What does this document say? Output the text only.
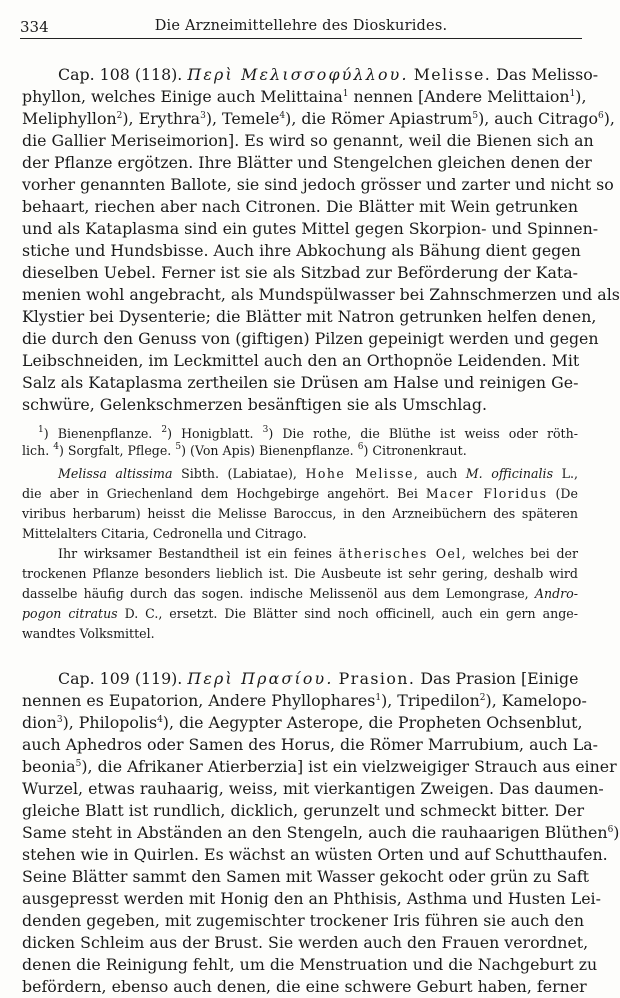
334	Die Arzneimittellehre des Dioskurides.
Cap. 108 (118). Περὶ Μελισσοφύλλου. Melisse. Das Melisso-
phyllon, welches Einige auch Melittaina$^1$ nennen [Andere Melittaion$^1$),
Meliphyllon$^2$), Erythra$^3$), Temele$^4$), die Römer Apiastrum$^5$), auch Citrago$^6$),
die Gallier Meriseimorion]. Es wird so genannt, weil die Bienen sich an
der Pflanze ergötzen. Ihre Blätter und Stengelchen gleichen denen der
vorher genannten Ballote, sie sind jedoch grösser und zarter und nicht so
behaart, riechen aber nach Citronen. Die Blätter mit Wein getrunken
und als Kataplasma sind ein gutes Mittel gegen Skorpion- und Spinnen-
stiche und Hundsbisse. Auch ihre Abkochung als Bähung dient gegen
dieselben Uebel. Ferner ist sie als Sitzbad zur Beförderung der Kata-
menien wohl angebracht, als Mundspülwasser bei Zahnschmerzen und als
Klystier bei Dysenterie; die Blätter mit Natron getrunken helfen denen,
die durch den Genuss von (giftigen) Pilzen gepeinigt werden und gegen
Leibschneiden, im Leckmittel auch den an Orthopnöe Leidenden. Mit
Salz als Kataplasma zertheilen sie Drüsen am Halse und reinigen Ge-
schwüre, Gelenkschmerzen besänftigen sie als Umschlag.
$^1$) Bienenpflanze. $^2$) Honigblatt. $^3$) Die rothe, die Blüthe ist weiss oder röth-
lich. $^4$) Sorgfalt, Pflege. $^5$) (Von Apis) Bienenpflanze. $^6$) Citronenkraut.
Melissa altissima Sibth. (Labiatae), Hohe Melisse, auch M. officinalis L.,
die aber in Griechenland dem Hochgebirge angehört. Bei Macer Floridus (De
viribus herbarum) heisst die Melisse Baroccus, in den Arzneibüchern des späteren
Mittelalters Citaria, Cedronella und Citrago.
Ihr wirksamer Bestandtheil ist ein feines ätherisches Oel, welches bei der
trockenen Pflanze besonders lieblich ist. Die Ausbeute ist sehr gering, deshalb wird
dasselbe häufig durch das sogen. indische Melissenöl aus dem Lemongrase, Andro-
pogon citratus D. C., ersetzt. Die Blätter sind noch officinell, auch ein gern ange-
wandtes Volksmittel.
Cap. 109 (119). Περὶ Πρασίου. Prasion. Das Prasion [Einige
nennen es Eupatorion, Andere Phyllophares$^1$), Tripedilon$^2$), Kamelopo-
dion$^3$), Philopolis$^4$), die Aegypter Asterope, die Propheten Ochsenblut,
auch Aphedros oder Samen des Horus, die Römer Marrubium, auch La-
beonia$^5$), die Afrikaner Atierberzia] ist ein vielzweigiger Strauch aus einer
Wurzel, etwas rauhaarig, weiss, mit vierkantigen Zweigen. Das daumen-
gleiche Blatt ist rundlich, dicklich, gerunzelt und schmeckt bitter. Der
Same steht in Abständen an den Stengeln, auch die rauhaarigen Blüthen$^6$)
stehen wie in Quirlen. Es wächst an wüsten Orten und auf Schutthaufen.
Seine Blätter sammt den Samen mit Wasser gekocht oder grün zu Saft
ausgepresst werden mit Honig den an Phthisis, Asthma und Husten Lei-
denden gegeben, mit zugemischter trockener Iris führen sie auch den
dicken Schleim aus der Brust. Sie werden auch den Frauen verordnet,
denen die Reinigung fehlt, um die Menstruation und die Nachgeburt zu
befördern, ebenso auch denen, die eine schwere Geburt haben, ferner
